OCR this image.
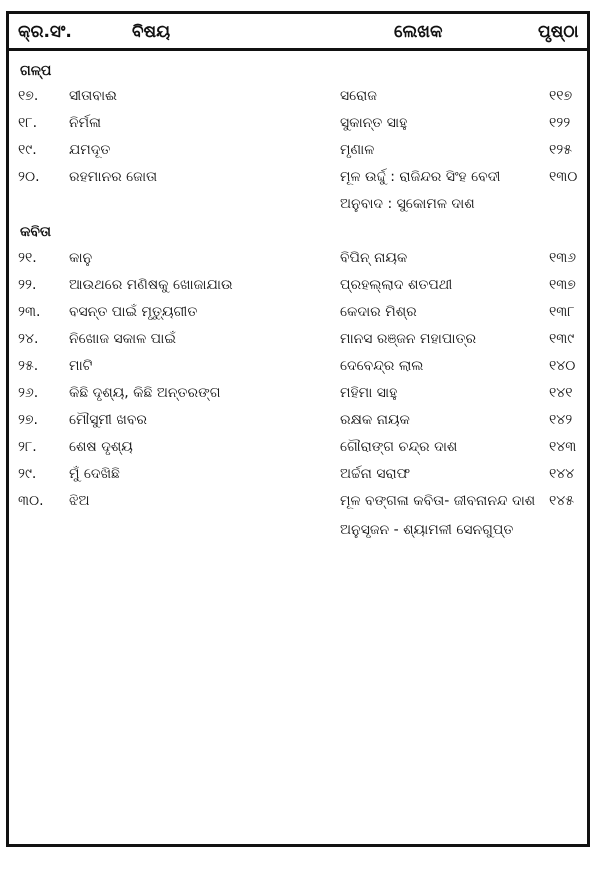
କ୍ର.ସଂ.	ବିଷୟ	ଲେଖକ	ପୃଷ୍ଠା
ଗଳ୍ପ
୧୭. ସୀତାବାଈ	ସରୋଜ	୧୧୭
୧୮. ନିର୍ମଳା	ସୁକାନ୍ତ ସାହୁ	୧୨୨
୧୯. ଯମଦୂତ	ମୃଣାଳ	୧୨୫
୨୦. ରହମାନର ଜୋତା	ମୂଳ ଉର୍ଦ୍ଦୁ : ରାଜିନ୍ଦର ସିଂହ ବେଦୀ	୧୩୦
ଅନୁବାଦ : ସୁକୋମଳ ଦାଶ
କବିତା
୨୧. କାନୁ	ବିପିନ୍ ନାୟକ	୧୩୬
୨୨. ଆଉଥରେ ମଣିଷକୁ ଖୋଜାଯାଉ	ପ୍ରହଲ୍ଲାଦ ଶତପଥୀ	୧୩୭
୨୩. ବସନ୍ତ ପାଇଁ ମୃତ୍ୟୁଗୀତ	କେଦାର ମିଶ୍ର	୧୩୮
୨୪. ନିଖୋଜ ସକାଳ ପାଇଁ	ମାନସ ରଞ୍ଜନ ମହାପାତ୍ର	୧୩୯
୨୫. ମାଟି	ଦେବେନ୍ଦ୍ର ଲାଲ	୧୪୦
୨୬. କିଛି ଦୃଶ୍ୟ, କିଛି ଅନ୍ତରଙ୍ଗ	ମହିମା ସାହୁ	୧୪୧
୨୭. ମୌସୁମୀ ଖବର	ରକ୍ଷକ ନାୟକ	୧୪୨
୨୮. ଶେଷ ଦୃଶ୍ୟ	ଗୌରାଙ୍ଗ ଚନ୍ଦ୍ର ଦାଶ	୧୪୩
୨୯. ମୁଁ ଦେଖିଛି	ଅର୍ଚ୍ଚନା ସରାଫ	୧୪୪
୩୦. ଝିଅ	ମୂଳ ବଙ୍ଗଳା କବିତା- ଜୀବନାନନ୍ଦ ଦାଶ ୧୪୫
ଅନୁସୃଜନ - ଶ୍ୟାମଳୀ ସେନଗୁପ୍ତ
